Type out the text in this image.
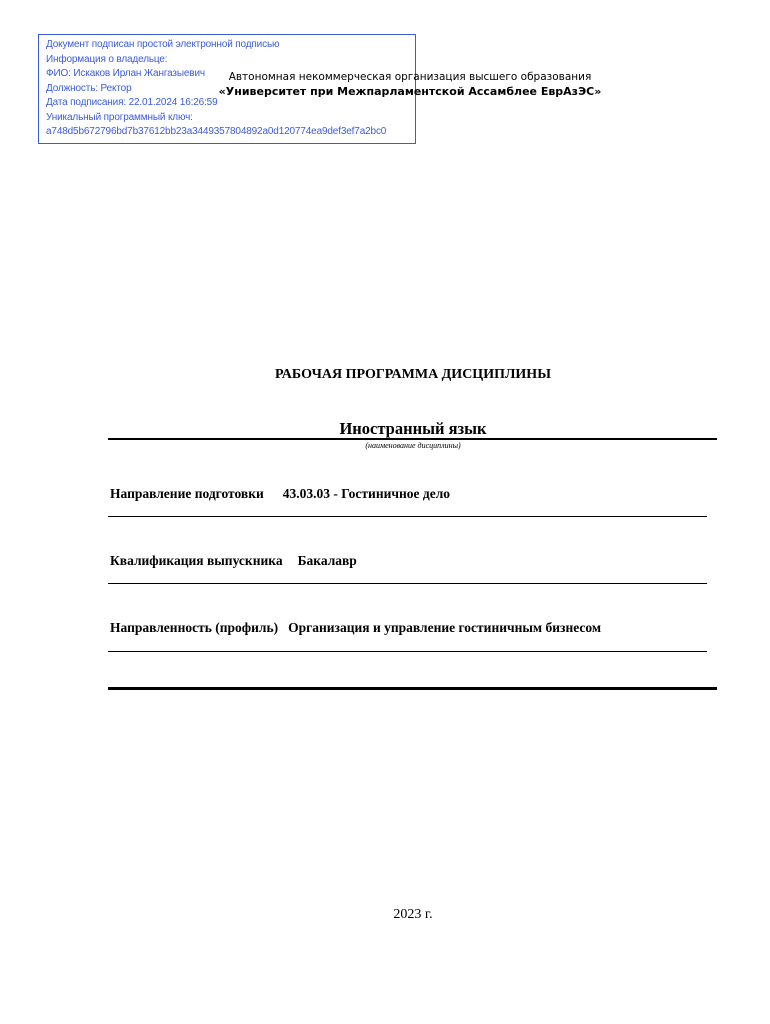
Документ подписан простой электронной подписью
Информация о владельце:
ФИО: Искаков Ирлан Жангазыевич
Должность: Ректор
Дата подписания: 22.01.2024 16:26:59
Уникальный программный ключ:
a748d5b672796bd7b37612bb23a3449357804892a0d120774ea9def3ef7a2bc0
Автономная некоммерческая организация высшего образования
«Университет при Межпарламентской Ассамблее ЕврАзЭС»
РАБОЧАЯ ПРОГРАММА ДИСЦИПЛИНЫ
Иностранный язык
(наименование дисциплины)
Направление подготовки 43.03.03 - Гостиничное дело
Квалификация выпускника Бакалавр
Направленность (профиль) Организация и управление гостиничным бизнесом
2023 г.
